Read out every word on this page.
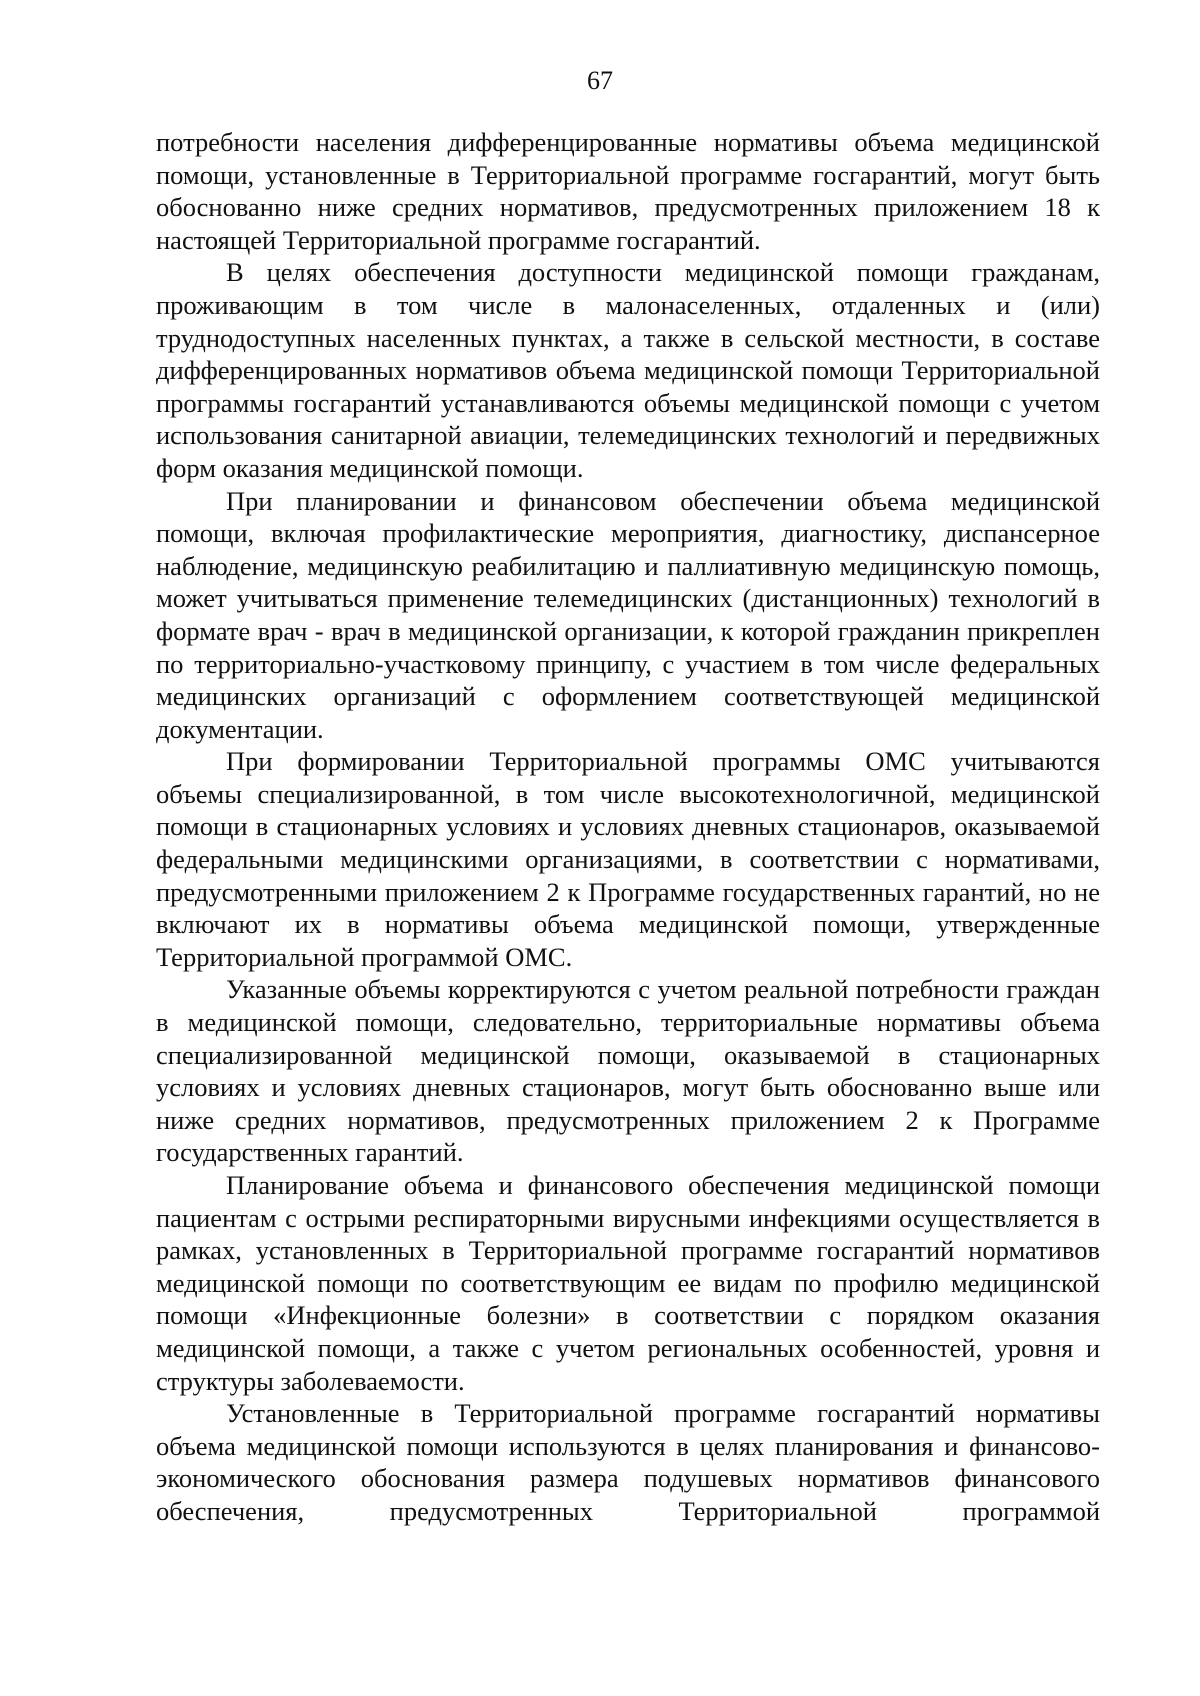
67

потребности населения дифференцированные нормативы объема медицинской помощи, установленные в Территориальной программе госгарантий, могут быть обоснованно ниже средних нормативов, предусмотренных приложением 18 к настоящей Территориальной программе госгарантий.

В целях обеспечения доступности медицинской помощи гражданам, проживающим в том числе в малонаселенных, отдаленных и (или) труднодоступных населенных пунктах, а также в сельской местности, в составе дифференцированных нормативов объема медицинской помощи Территориальной программы госгарантий устанавливаются объемы медицинской помощи с учетом использования санитарной авиации, телемедицинских технологий и передвижных форм оказания медицинской помощи.

При планировании и финансовом обеспечении объема медицинской помощи, включая профилактические мероприятия, диагностику, диспансерное наблюдение, медицинскую реабилитацию и паллиативную медицинскую помощь, может учитываться применение телемедицинских (дистанционных) технологий в формате врач - врач в медицинской организации, к которой гражданин прикреплен по территориально-участковому принципу, с участием в том числе федеральных медицинских организаций с оформлением соответствующей медицинской документации.

При формировании Территориальной программы ОМС учитываются объемы специализированной, в том числе высокотехнологичной, медицинской помощи в стационарных условиях и условиях дневных стационаров, оказываемой федеральными медицинскими организациями, в соответствии с нормативами, предусмотренными приложением 2 к Программе государственных гарантий, но не включают их в нормативы объема медицинской помощи, утвержденные Территориальной программой ОМС.

Указанные объемы корректируются с учетом реальной потребности граждан в медицинской помощи, следовательно, территориальные нормативы объема специализированной медицинской помощи, оказываемой в стационарных условиях и условиях дневных стационаров, могут быть обоснованно выше или ниже средних нормативов, предусмотренных приложением 2 к Программе государственных гарантий.

Планирование объема и финансового обеспечения медицинской помощи пациентам с острыми респираторными вирусными инфекциями осуществляется в рамках, установленных в Территориальной программе госгарантий нормативов медицинской помощи по соответствующим ее видам по профилю медицинской помощи «Инфекционные болезни» в соответствии с порядком оказания медицинской помощи, а также с учетом региональных особенностей, уровня и структуры заболеваемости.

Установленные в Территориальной программе госгарантий нормативы объема медицинской помощи используются в целях планирования и финансово-экономического обоснования размера подушевых нормативов финансового обеспечения, предусмотренных Территориальной программой
